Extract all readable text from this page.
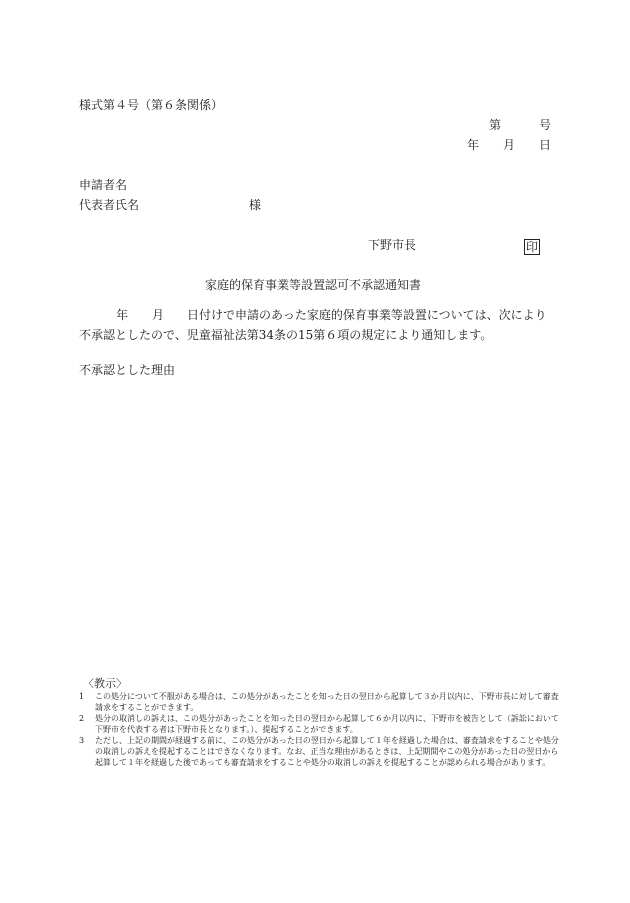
様式第４号（第６条関係）
第	号
年 月 日
申請者名
代表者氏名	様
下野市長	印
家庭的保育事業等設置認可不承認通知書
年 月 日付けで申請のあった家庭的保育事業等設置については、次により
不承認としたので、児童福祉法第34条の15第６項の規定により通知します。
不承認とした理由
〈教示〉
1 この処分について不服がある場合は、この処分があったことを知った日の翌日から起算して３か月以内に、下野市長に対して審査請求をすることができます。
2 処分の取消しの訴えは、この処分があったことを知った日の翌日から起算して６か月以内に、下野市を被告として（訴訟において下野市を代表する者は下野市長となります。）、提起することができます。
3 ただし、上記の期間が経過する前に、この処分があった日の翌日から起算して１年を経過した場合は、審査請求をすることや処分の取消しの訴えを提起することはできなくなります。なお、正当な理由があるときは、上記期間やこの処分があった日の翌日から起算して１年を経過した後であっても審査請求をすることや処分の取消しの訴えを提起することが認められる場合があります。
